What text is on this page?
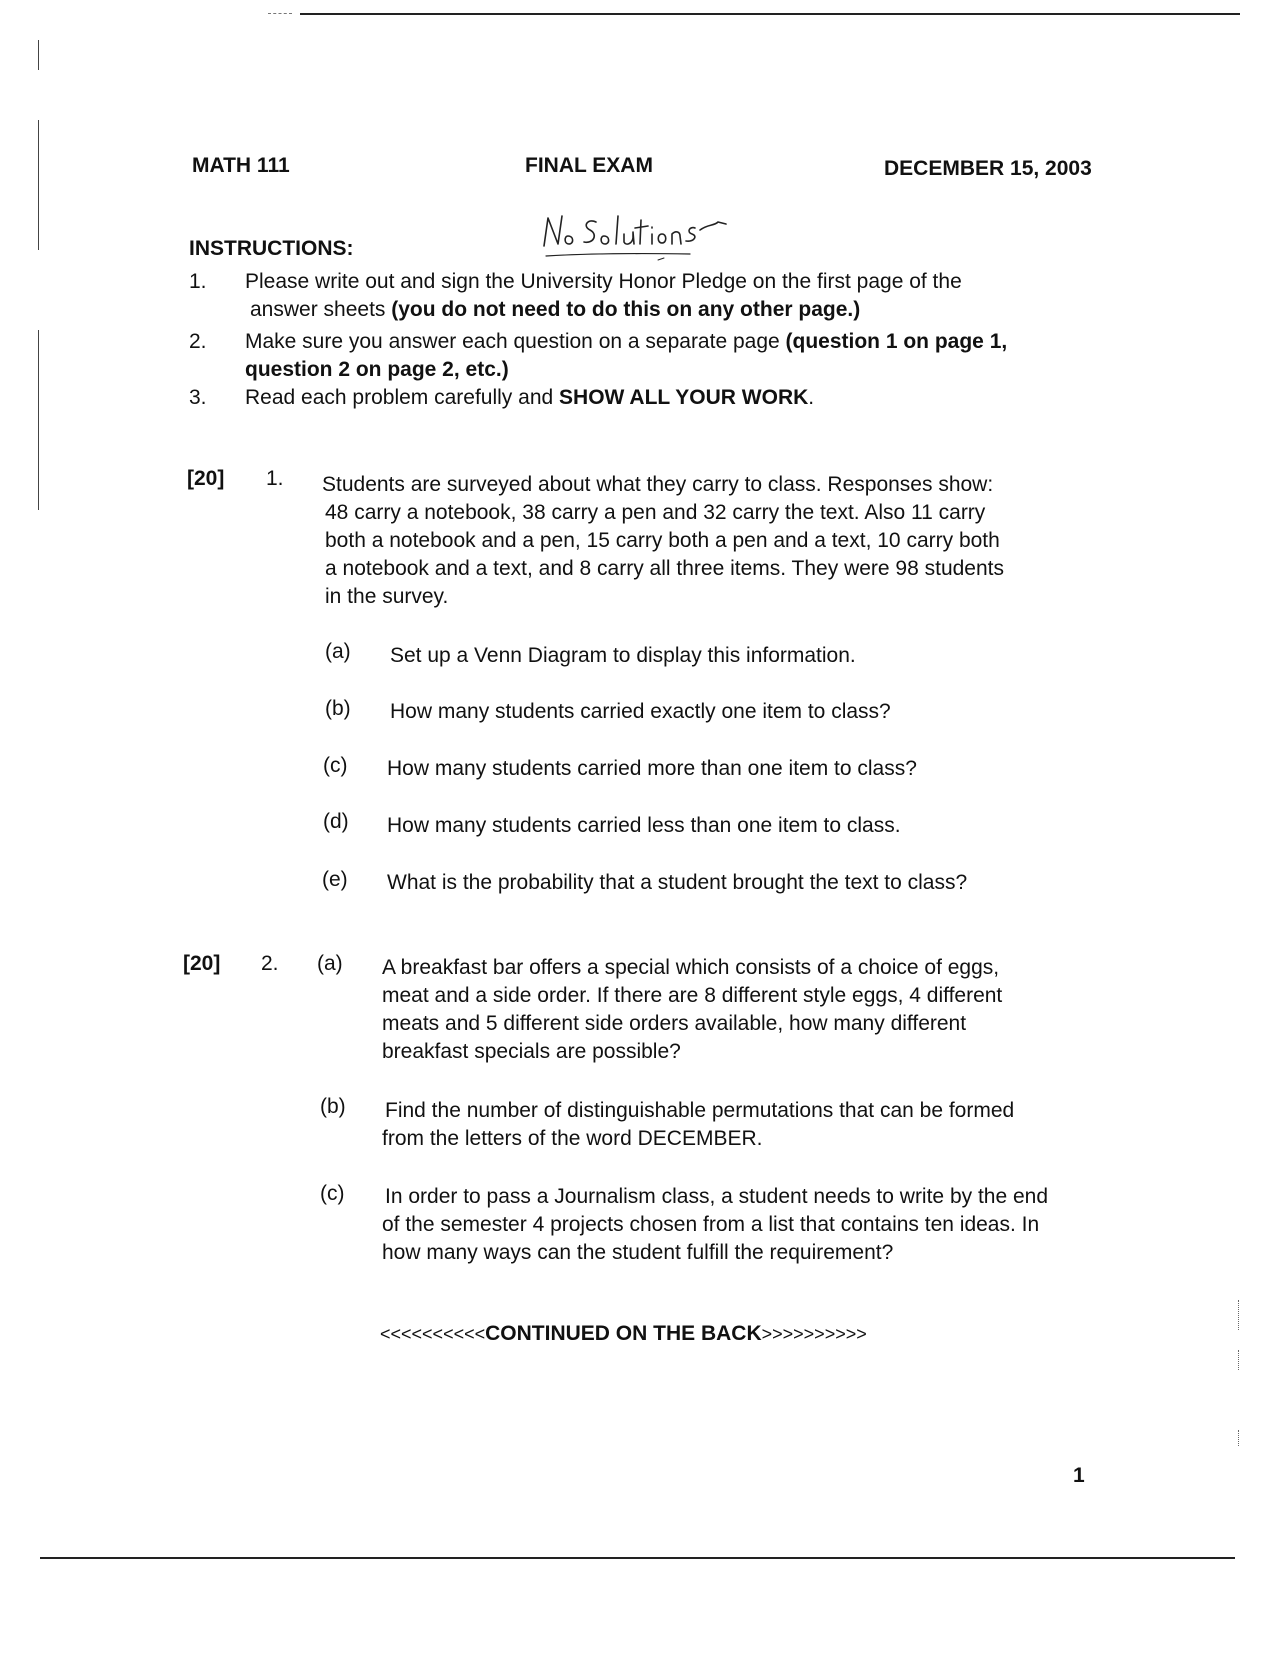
MATH 111	FINAL EXAM	DECEMBER 15, 2003
INSTRUCTIONS:
1. Please write out and sign the University Honor Pledge on the first page of the
answer sheets (you do not need to do this on any other page.)
2. Make sure you answer each question on a separate page (question 1 on page 1,
question 2 on page 2, etc.)
3. Read each problem carefully and SHOW ALL YOUR WORK.
[20] 1. Students are surveyed about what they carry to class. Responses show:
48 carry a notebook, 38 carry a pen and 32 carry the text. Also 11 carry
both a notebook and a pen, 15 carry both a pen and a text, 10 carry both
a notebook and a text, and 8 carry all three items. They were 98 students
in the survey.
(a) Set up a Venn Diagram to display this information.
(b) How many students carried exactly one item to class?
(c) How many students carried more than one item to class?
(d) How many students carried less than one item to class.
(e) What is the probability that a student brought the text to class?
[20] 2. (a) A breakfast bar offers a special which consists of a choice of eggs,
meat and a side order. If there are 8 different style eggs, 4 different
meats and 5 different side orders available, how many different
breakfast specials are possible?
(b) Find the number of distinguishable permutations that can be formed
from the letters of the word DECEMBER.
(c) In order to pass a Journalism class, a student needs to write by the end
of the semester 4 projects chosen from a list that contains ten ideas. In
how many ways can the student fulfill the requirement?
<<<<<<<<<<CONTINUED ON THE BACK>>>>>>>>>>
1
